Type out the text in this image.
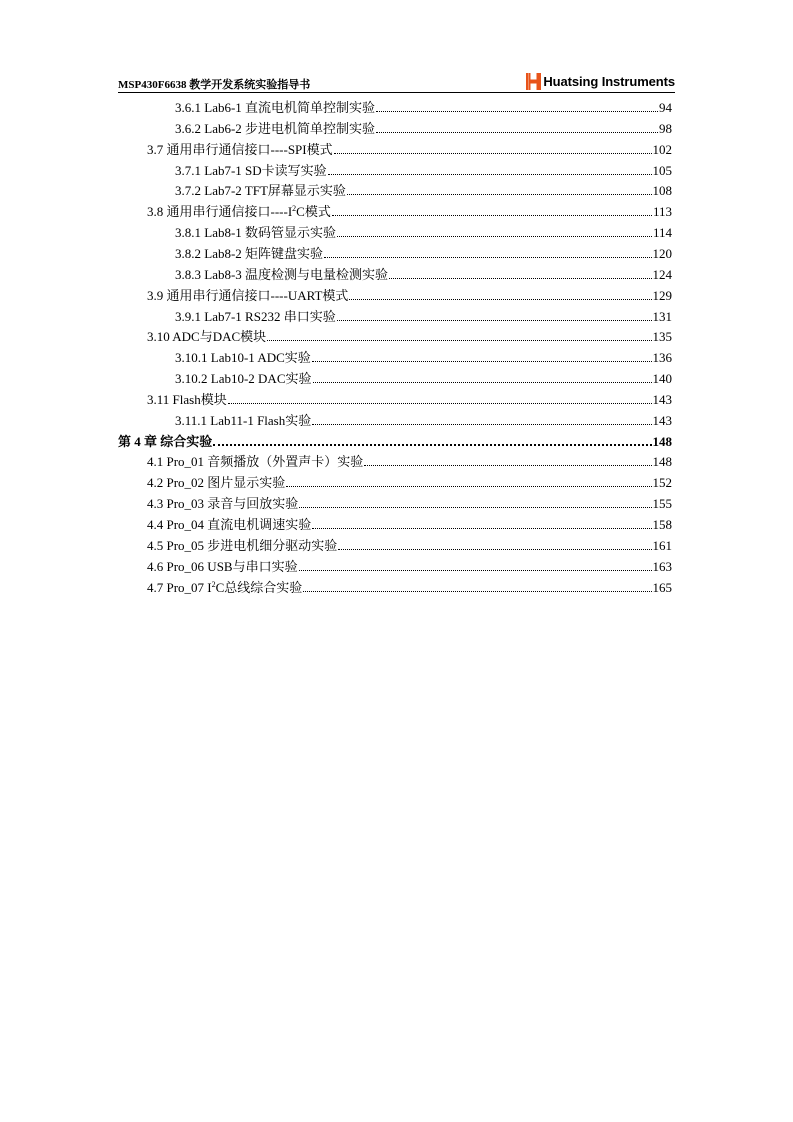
MSP430F6638 教学开发系统实验指导书	Huatsing Instruments
3.6.1 Lab6-1 直流电机简单控制实验	94
3.6.2 Lab6-2 步进电机简单控制实验	98
3.7 通用串行通信接口----SPI模式	102
3.7.1 Lab7-1 SD卡读写实验	105
3.7.2 Lab7-2 TFT屏幕显示实验	108
3.8 通用串行通信接口$----I^2C$模式	113
3.8.1 Lab8-1 数码管显示实验	114
3.8.2 Lab8-2 矩阵键盘实验	120
3.8.3 Lab8-3 温度检测与电量检测实验	124
3.9 通用串行通信接口----UART模式	129
3.9.1 Lab7-1 RS232 串口实验	131
3.10 ADC与DAC模块	135
3.10.1 Lab10-1 ADC实验	136
3.10.2 Lab10-2 DAC实验	140
3.11 Flash模块	143
3.11.1 Lab11-1 Flash实验	143
第 4 章 综合实验	148
4.1 Pro_01 音频播放（外置声卡）实验	148
4.2 Pro_02 图片显示实验	152
4.3 Pro_03 录音与回放实验	155
4.4 Pro_04 直流电机调速实验	158
4.5 Pro_05 步进电机细分驱动实验	161
4.6 Pro_06 USB与串口实验	163
4.7 Pro_07 $I^2C$总线综合实验	165
